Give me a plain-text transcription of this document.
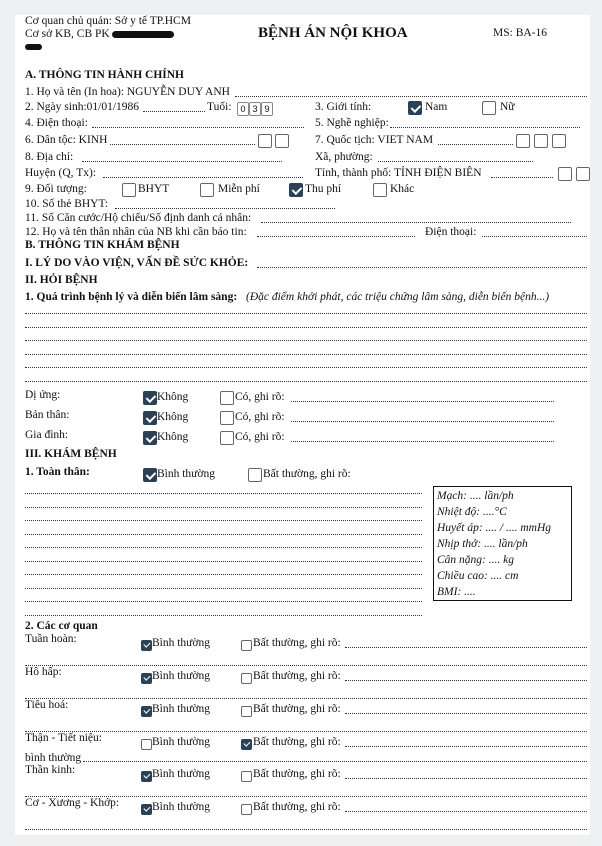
Cơ quan chủ quản: Sở y tế TP.HCM
Cơ sở KB, CB PK	BỆNH ÁN NỘI KHOA	MS: BA-16
A. THÔNG TIN HÀNH CHÍNH
1. Họ và tên (In hoa): NGUYỄN DUY ANH
2. Ngày sinh:01/01/1986	Tuổi: 0 3 9	3. Giới tính:	Nam	Nữ
4. Điện thoại:	5. Nghề nghiệp:
6. Dân tộc: KINH	7. Quốc tịch: VIET NAM
8. Địa chỉ:	Xã, phường:
Huyện (Q, Tx):	Tỉnh, thành phố: TỈNH ĐIỆN BIÊN
9. Đối tượng:	BHYT	Miễn phí	Thu phí	Khác
10. Số thẻ BHYT:
11. Số Căn cước/Hộ chiếu/Số định danh cá nhân:
12. Họ và tên thân nhân của NB khi cần báo tin:	Điện thoại:
B. THÔNG TIN KHÁM BỆNH
I. LÝ DO VÀO VIỆN, VẤN ĐỀ SỨC KHỎE:
II. HỎI BỆNH
1. Quá trình bệnh lý và diễn biến lâm sàng: (Đặc điểm khởi phát, các triệu chứng lâm sàng, diễn biến bệnh...)
Dị ứng:	Không	Có, ghi rõ:
Bản thân:	Không	Có, ghi rõ:
Gia đình:	Không	Có, ghi rõ:
III. KHÁM BỆNH
1. Toàn thân:	Bình thường	Bất thường, ghi rõ:
Mạch: .... lần/ph
Nhiệt độ: ....°C
Huyết áp: .... / .... mmHg
Nhịp thở: .... lần/ph
Cân nặng: .... kg
Chiều cao: .... cm
BMI: ....
2. Các cơ quan
Tuần hoàn:	Bình thường	Bất thường, ghi rõ:
Hô hấp:	Bình thường	Bất thường, ghi rõ:
Tiêu hoá:	Bình thường	Bất thường, ghi rõ:
Thận - Tiết niệu:	Bình thường	Bất thường, ghi rõ:
bình thường
Thần kinh:	Bình thường	Bất thường, ghi rõ:
Cơ - Xương - Khớp:	Bình thường	Bất thường, ghi rõ:
